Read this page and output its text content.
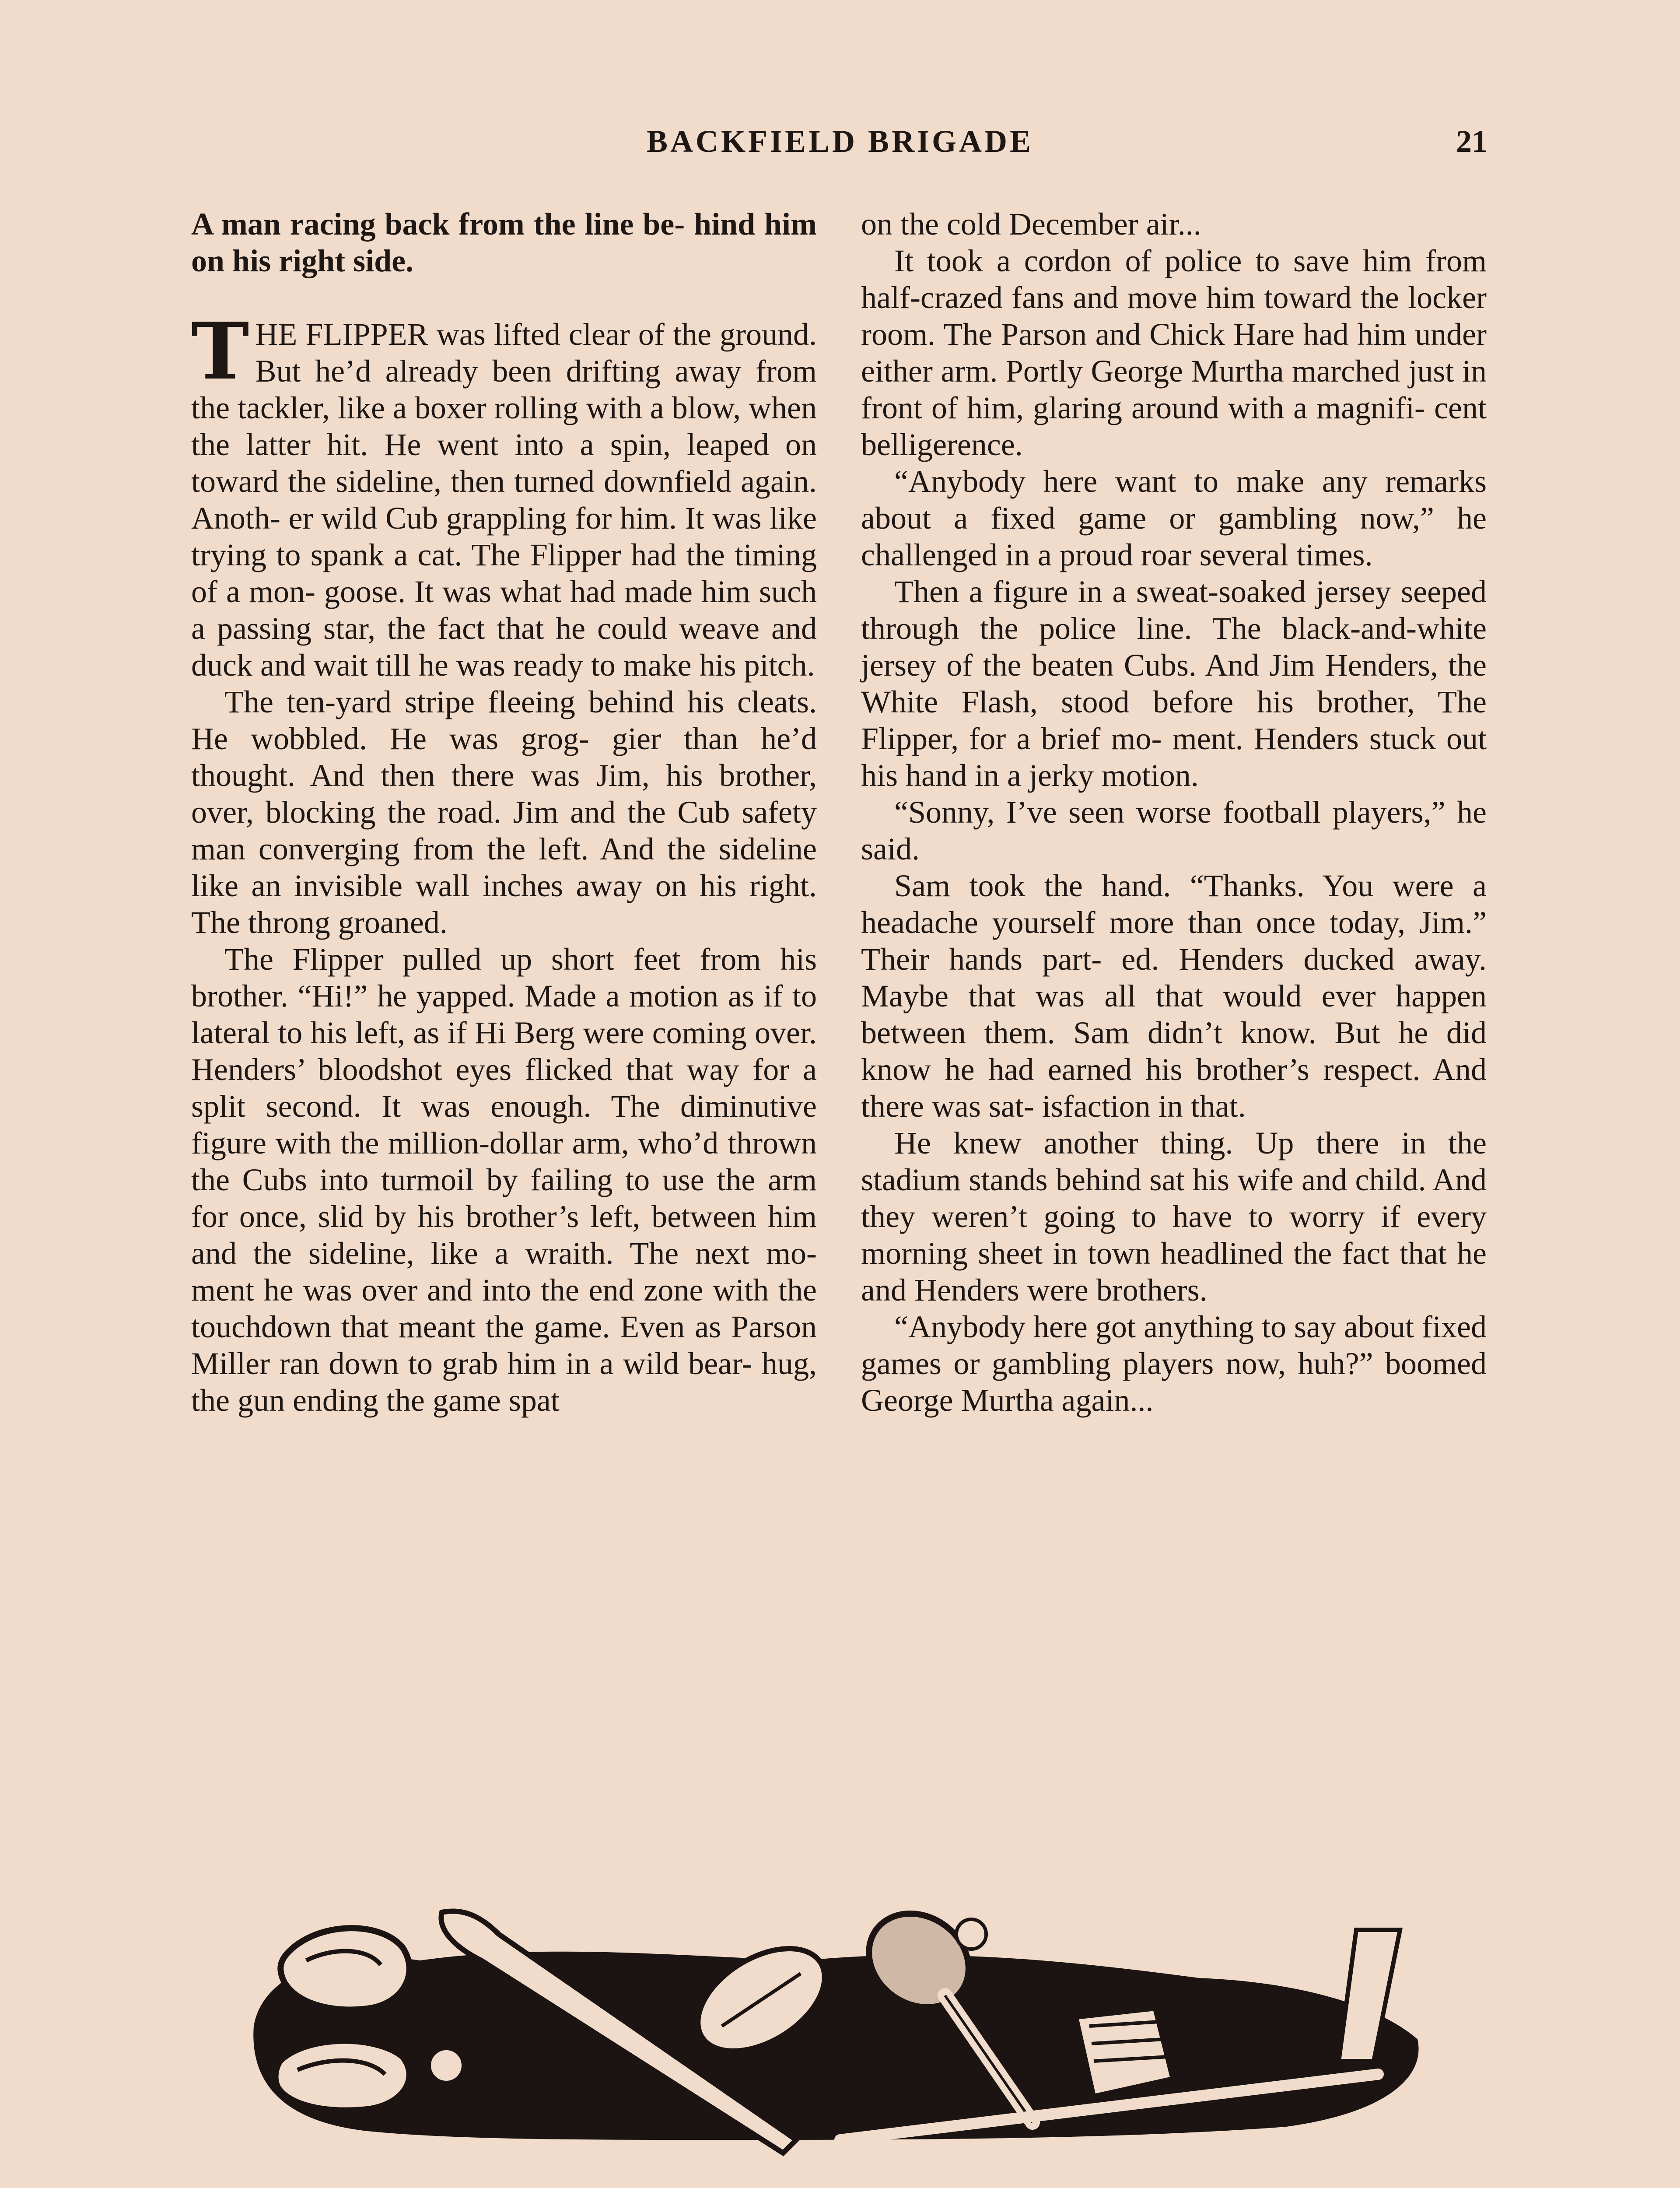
BACKFIELD BRIGADE	21

A man racing back from the line be- hind him on his right side.

THE FLIPPER was lifted clear of the ground. But he’d already been drifting away from the tackler, like a boxer rolling with a blow, when the latter hit. He went into a spin, leaped on toward the sideline, then turned downfield again. Anoth- er wild Cub grappling for him. It was like trying to spank a cat. The Flipper had the timing of a mon- goose. It was what had made him such a passing star, the fact that he could weave and duck and wait till he was ready to make his pitch.

The ten-yard stripe fleeing behind his cleats. He wobbled. He was grog- gier than he’d thought. And then there was Jim, his brother, over, blocking the road. Jim and the Cub safety man converging from the left. And the sideline like an invisible wall inches away on his right. The throng groaned.

The Flipper pulled up short feet from his brother. “Hi!” he yapped. Made a motion as if to lateral to his left, as if Hi Berg were coming over. Henders’ bloodshot eyes flicked that way for a split second. It was enough. The diminutive figure with the million-dollar arm, who’d thrown the Cubs into turmoil by failing to use the arm for once, slid by his brother’s left, between him and the sideline, like a wraith. The next mo- ment he was over and into the end zone with the touchdown that meant the game. Even as Parson Miller ran down to grab him in a wild bear- hug, the gun ending the game spat

on the cold December air...

It took a cordon of police to save him from half-crazed fans and move him toward the locker room. The Parson and Chick Hare had him under either arm. Portly George Murtha marched just in front of him, glaring around with a magnifi- cent belligerence.

“Anybody here want to make any remarks about a fixed game or gambling now,” he challenged in a proud roar several times.

Then a figure in a sweat-soaked jersey seeped through the police line. The black-and-white jersey of the beaten Cubs. And Jim Henders, the White Flash, stood before his brother, The Flipper, for a brief mo- ment. Henders stuck out his hand in a jerky motion.

“Sonny, I’ve seen worse football players,” he said.

Sam took the hand. “Thanks. You were a headache yourself more than once today, Jim.” Their hands part- ed. Henders ducked away. Maybe that was all that would ever happen between them. Sam didn’t know. But he did know he had earned his brother’s respect. And there was sat- isfaction in that.

He knew another thing. Up there in the stadium stands behind sat his wife and child. And they weren’t going to have to worry if every morning sheet in town headlined the fact that he and Henders were brothers.

“Anybody here got anything to say about fixed games or gambling players now, huh?” boomed George Murtha again...
